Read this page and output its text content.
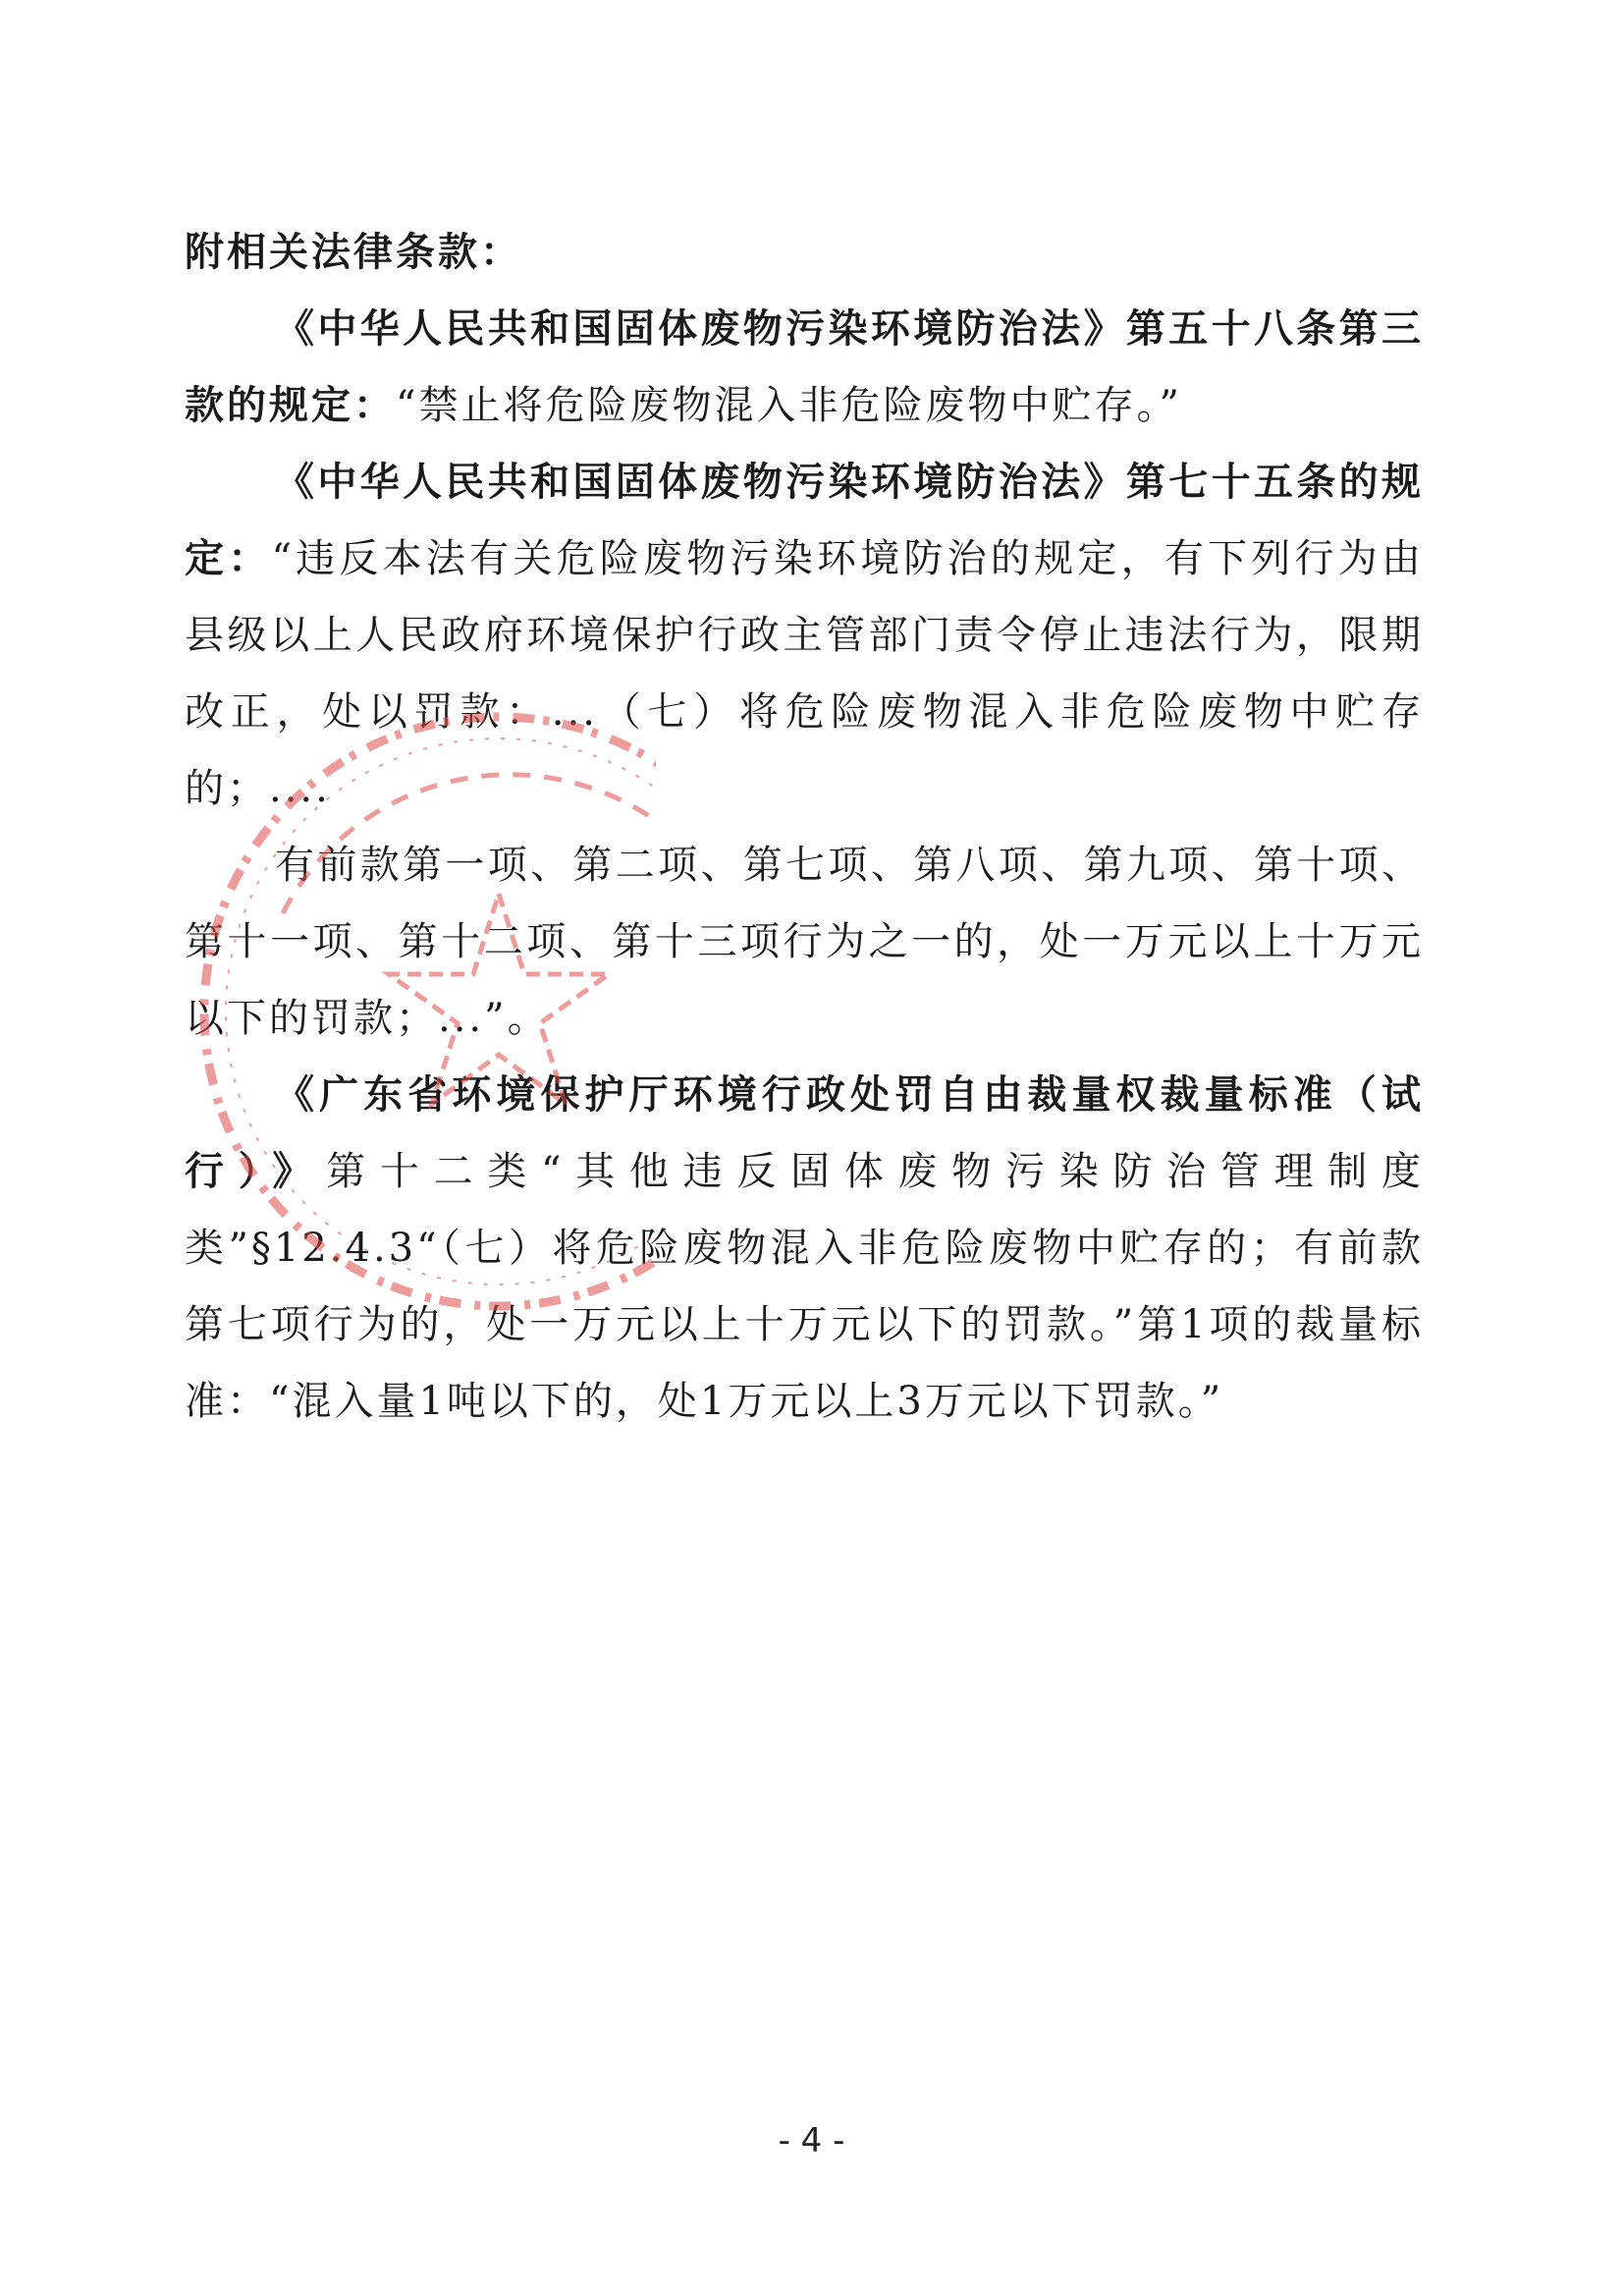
附相关法律条款：

《中华人民共和国固体废物污染环境防治法》第五十八条第三款的规定：“禁止将危险废物混入非危险废物中贮存。”

《中华人民共和国固体废物污染环境防治法》第七十五条的规定：“违反本法有关危险废物污染环境防治的规定，有下列行为由县级以上人民政府环境保护行政主管部门责令停止违法行为，限期改正，处以罚款：...（七）将危险废物混入非危险废物中贮存的；....

有前款第一项、第二项、第七项、第八项、第九项、第十项、第十一项、第十二项、第十三项行为之一的，处一万元以上十万元以下的罚款；...”。

《广东省环境保护厅环境行政处罚自由裁量权裁量标准（试行）》第十二类“其他违反固体废物污染防治管理制度类”§12.4.3“（七）将危险废物混入非危险废物中贮存的；有前款第七项行为的，处一万元以上十万元以下的罚款。”第1项的裁量标准：“混入量1吨以下的，处1万元以上3万元以下罚款。”

- 4 -
